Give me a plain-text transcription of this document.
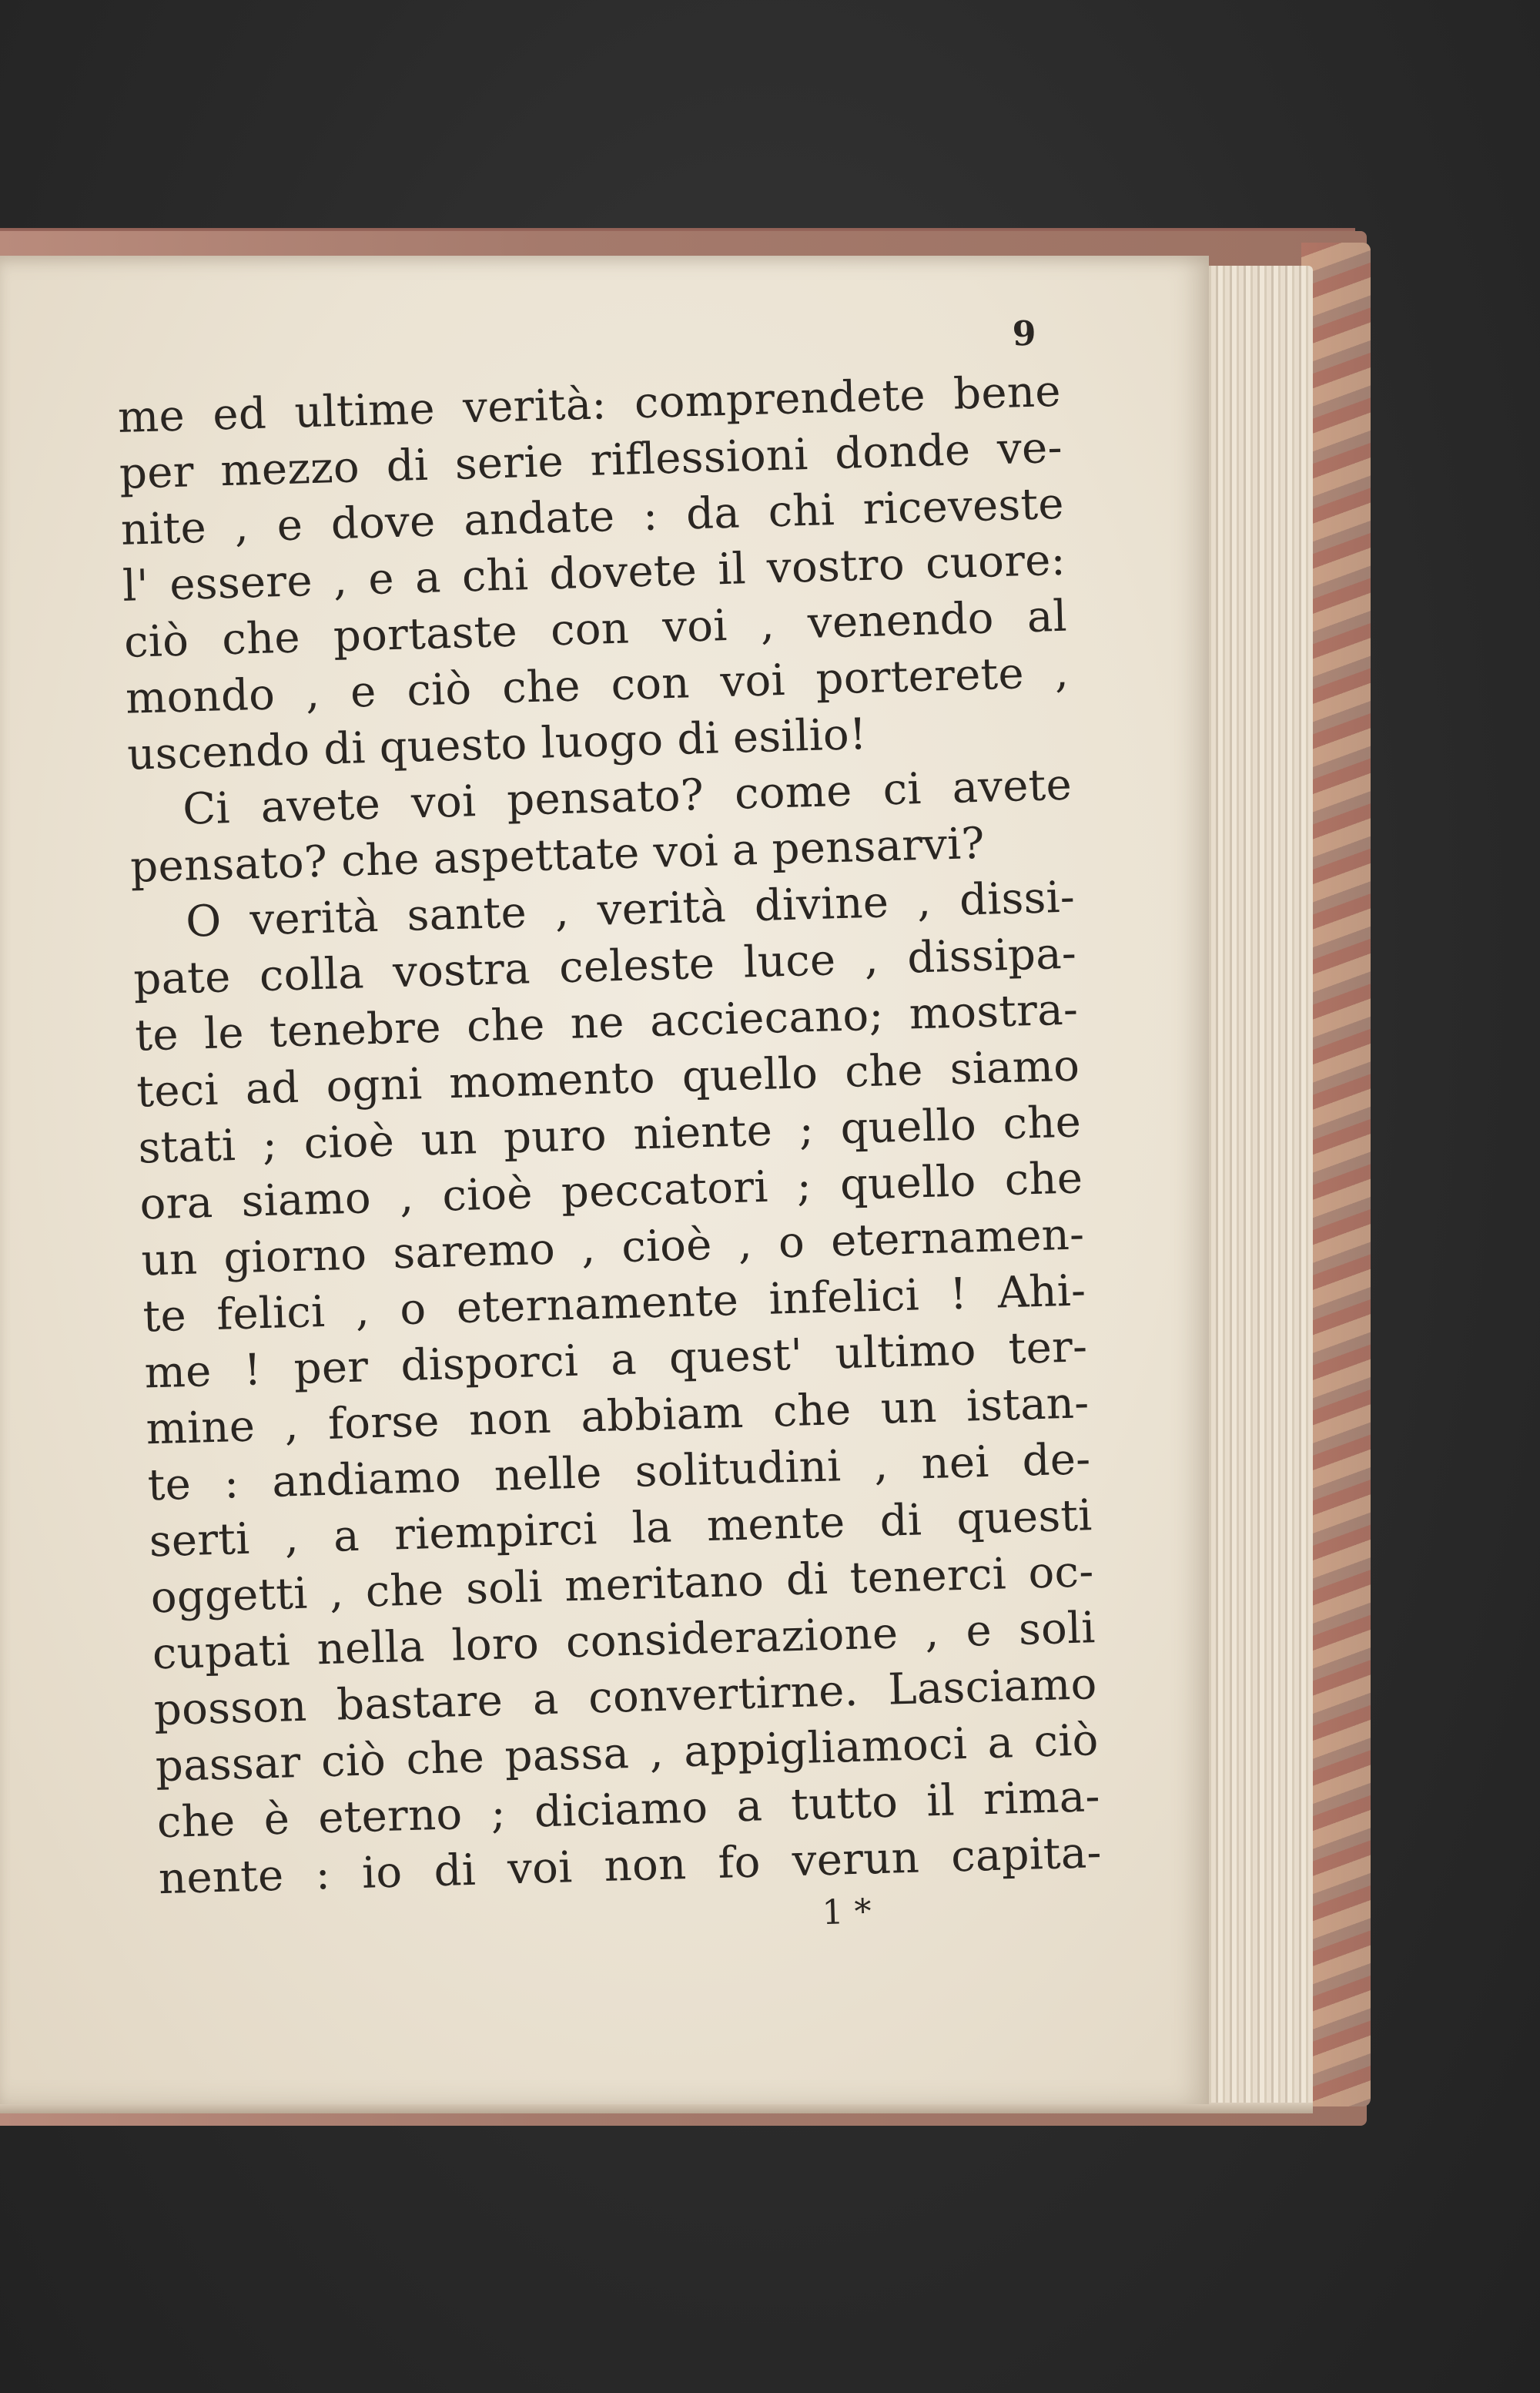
9
me ed ultime verità: comprendete bene
per mezzo di serie riflessioni donde ve-
nite , e dove andate : da chi riceveste
l' essere , e a chi dovete il vostro cuore:
ciò che portaste con voi , venendo al
mondo , e ciò che con voi porterete ,
uscendo di questo luogo di esilio!
Ci avete voi pensato? come ci avete
pensato? che aspettate voi a pensarvi?
O verità sante , verità divine , dissi-
pate colla vostra celeste luce , dissipa-
te le tenebre che ne acciecano; mostra-
teci ad ogni momento quello che siamo
stati ; cioè un puro niente ; quello che
ora siamo , cioè peccatori ; quello che
un giorno saremo , cioè , o eternamen-
te felici , o eternamente infelici ! Ahi-
me ! per disporci a quest' ultimo ter-
mine , forse non abbiam che un istan-
te : andiamo nelle solitudini , nei de-
serti , a riempirci la mente di questi
oggetti , che soli meritano di tenerci oc-
cupati nella loro considerazione , e soli
posson bastare a convertirne. Lasciamo
passar ciò che passa , appigliamoci a ciò
che è eterno ; diciamo a tutto il rima-
nente : io di voi non fo verun capita-
1 *
